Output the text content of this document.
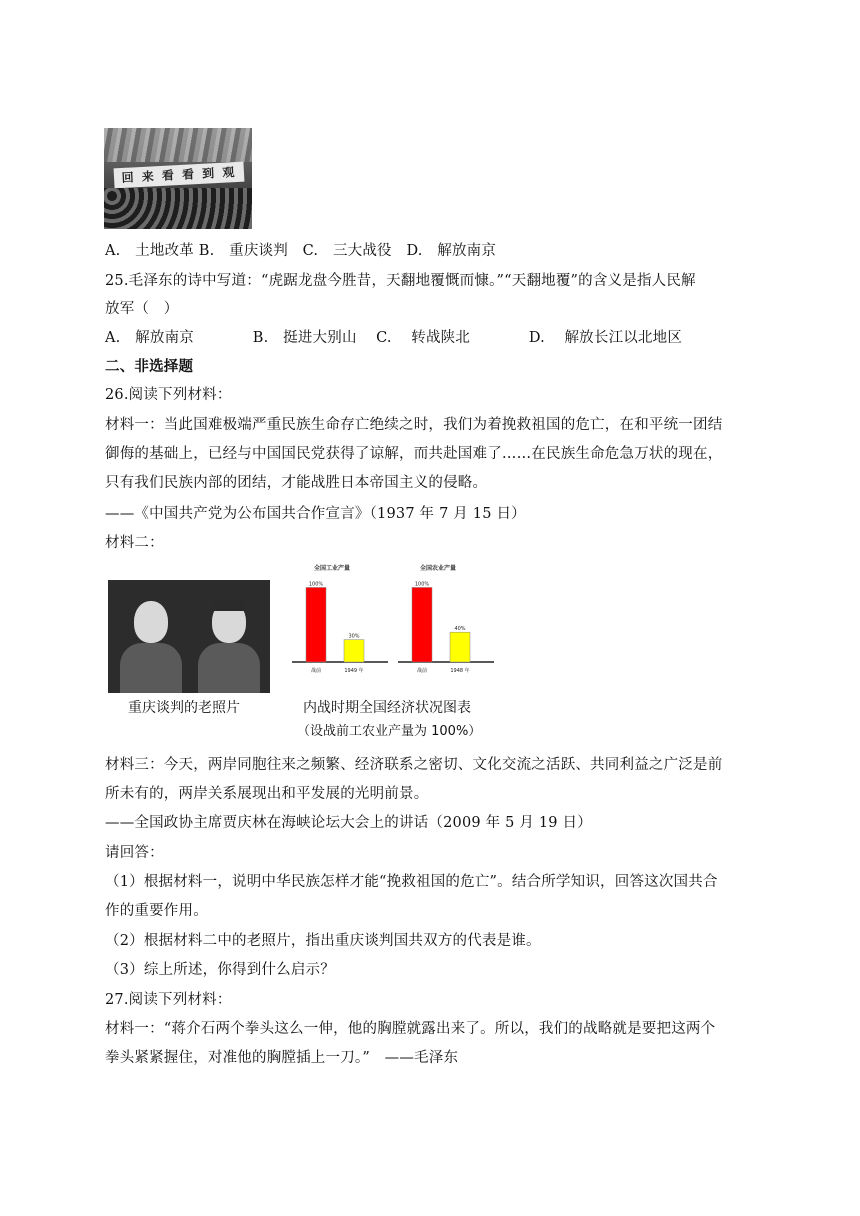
回 来 看 看 到 观
A.　土地改革 B.　重庆谈判　C.　三大战役　D.　解放南京
25.毛泽东的诗中写道：“虎踞龙盘今胜昔，天翻地覆慨而慷。”“天翻地覆”的含义是指人民解
放军（　）
A.　解放南京　　　　B.　挺进大别山　 C.　 转战陕北　　　　D.　 解放长江以北地区
二、非选择题
26.阅读下列材料：
材料一：当此国难极端严重民族生命存亡绝续之时，我们为着挽救祖国的危亡，在和平统一团结
御侮的基础上，已经与中国国民党获得了谅解，而共赴国难了……在民族生命危急万状的现在，
只有我们民族内部的团结，才能战胜日本帝国主义的侵略。
——《中国共产党为公布国共合作宣言》（1937 年 7 月 15 日）
材料二：
重庆谈判的老照片
全国工业产量
100%
战前
30%
1949 年
全国农业产量
100%
战前
40%
1948 年
内战时期全国经济状况图表
（设战前工农业产量为 100%）
材料三：今天，两岸同胞往来之频繁、经济联系之密切、文化交流之活跃、共同利益之广泛是前
所未有的，两岸关系展现出和平发展的光明前景。
——全国政协主席贾庆林在海峡论坛大会上的讲话（2009 年 5 月 19 日）
请回答：
（1）根据材料一，说明中华民族怎样才能“挽救祖国的危亡”。结合所学知识，回答这次国共合
作的重要作用。
（2）根据材料二中的老照片，指出重庆谈判国共双方的代表是谁。
（3）综上所述，你得到什么启示？
27.阅读下列材料：
材料一：“蒋介石两个拳头这么一伸，他的胸膛就露出来了。所以，我们的战略就是要把这两个
拳头紧紧握住，对准他的胸膛插上一刀。”　——毛泽东
